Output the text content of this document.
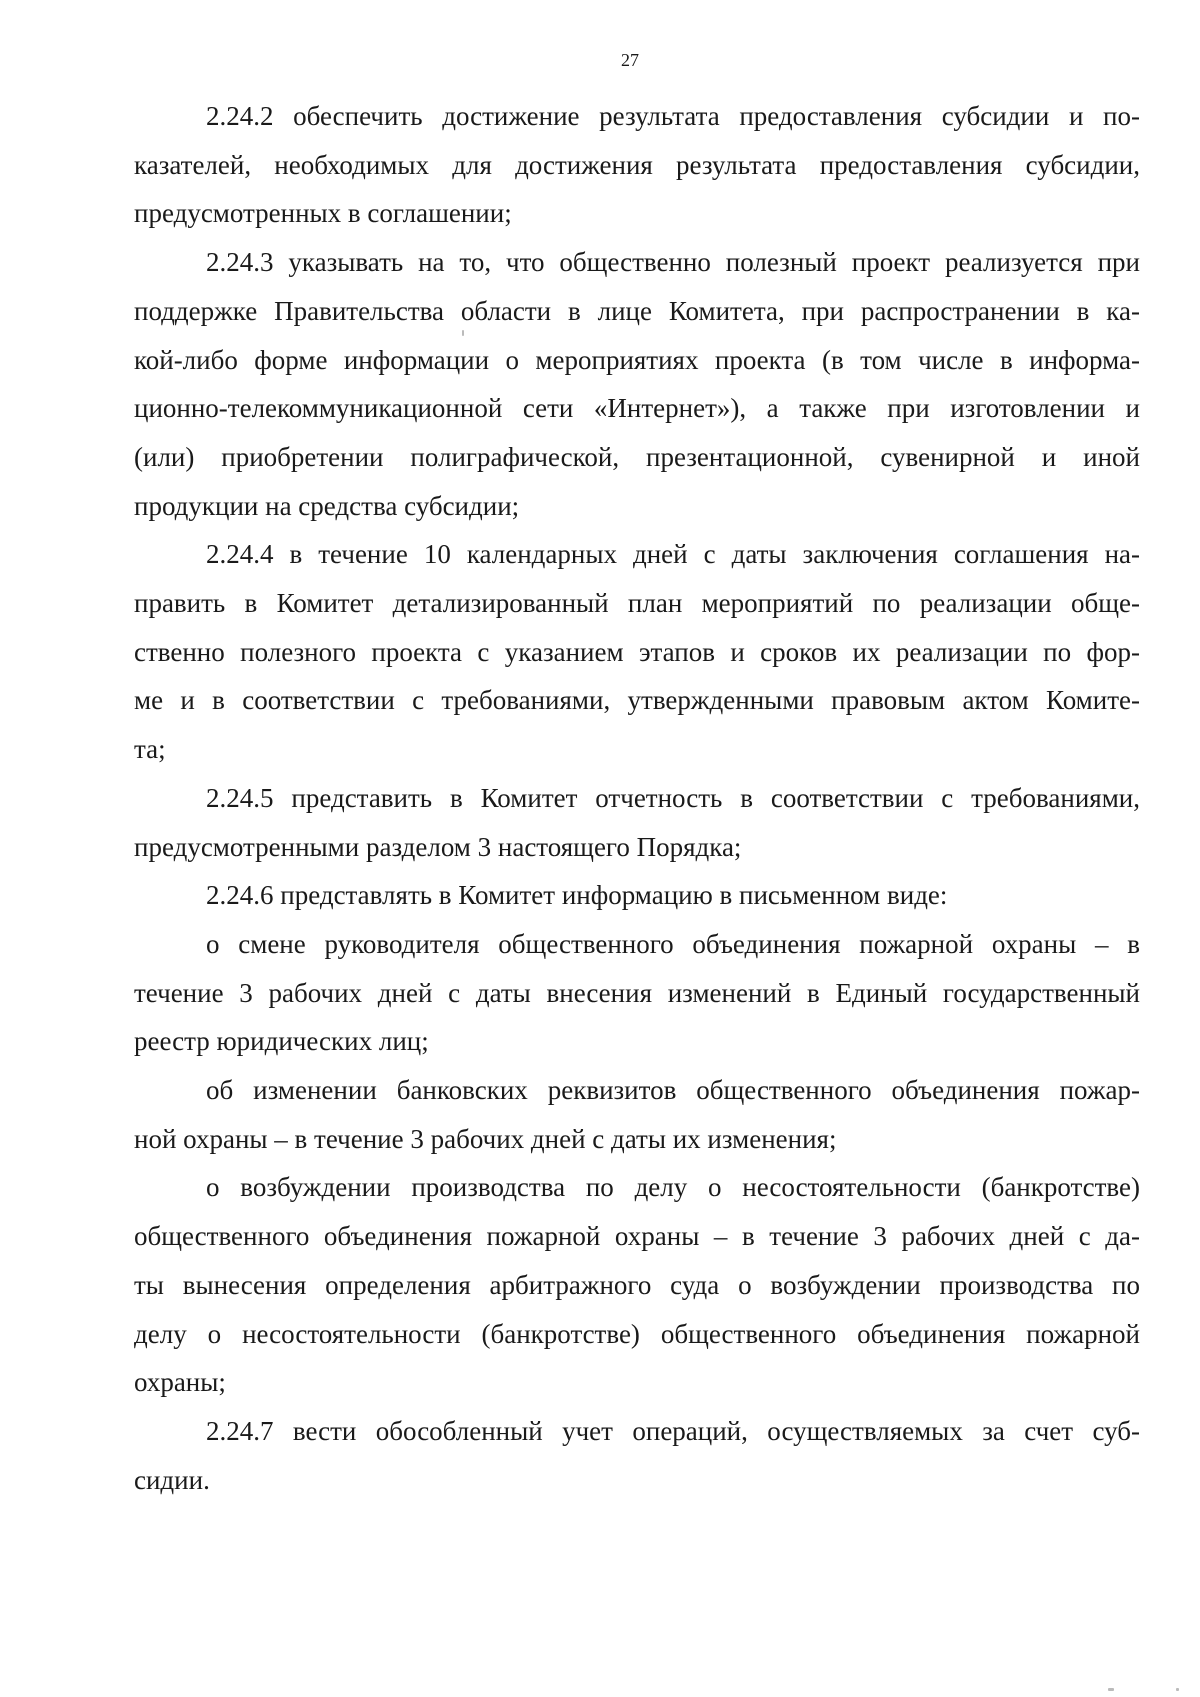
27
2.24.2 обеспечить достижение результата предоставления субсидии и по-
казателей, необходимых для достижения результата предоставления субсидии,
предусмотренных в соглашении;
2.24.3 указывать на то, что общественно полезный проект реализуется при
поддержке Правительства области в лице Комитета, при распространении в ка-
кой-либо форме информации о мероприятиях проекта (в том числе в информа-
ционно-телекоммуникационной сети «Интернет»), а также при изготовлении и
(или) приобретении полиграфической, презентационной, сувенирной и иной
продукции на средства субсидии;
2.24.4 в течение 10 календарных дней с даты заключения соглашения на-
править в Комитет детализированный план мероприятий по реализации обще-
ственно полезного проекта с указанием этапов и сроков их реализации по фор-
ме и в соответствии с требованиями, утвержденными правовым актом Комите-
та;
2.24.5 представить в Комитет отчетность в соответствии с требованиями,
предусмотренными разделом 3 настоящего Порядка;
2.24.6 представлять в Комитет информацию в письменном виде:
о смене руководителя общественного объединения пожарной охраны – в
течение 3 рабочих дней с даты внесения изменений в Единый государственный
реестр юридических лиц;
об изменении банковских реквизитов общественного объединения пожар-
ной охраны – в течение 3 рабочих дней с даты их изменения;
о возбуждении производства по делу о несостоятельности (банкротстве)
общественного объединения пожарной охраны – в течение 3 рабочих дней с да-
ты вынесения определения арбитражного суда о возбуждении производства по
делу о несостоятельности (банкротстве) общественного объединения пожарной
охраны;
2.24.7 вести обособленный учет операций, осуществляемых за счет суб-
сидии.
